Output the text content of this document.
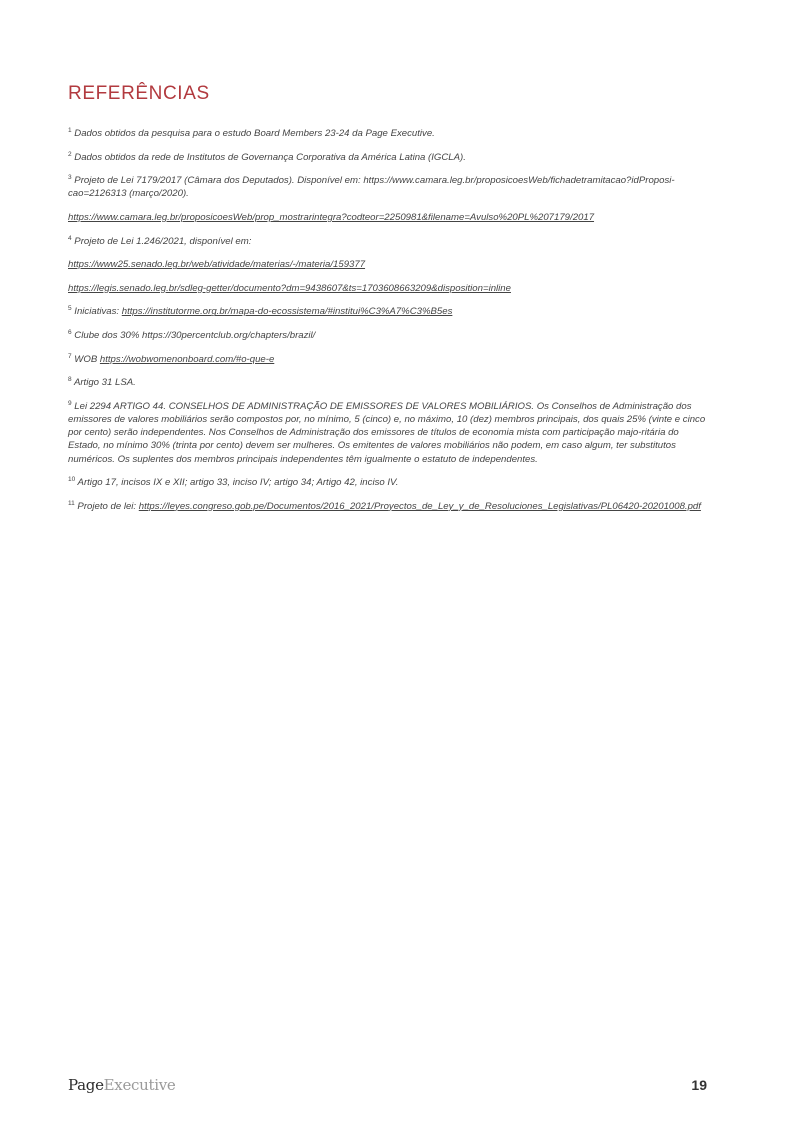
REFERÊNCIAS

$^1$ Dados obtidos da pesquisa para o estudo Board Members 23-24 da Page Executive.

$^2$ Dados obtidos da rede de Institutos de Governança Corporativa da América Latina (IGCLA).

$^3$ Projeto de Lei 7179/2017 (Câmara dos Deputados). Disponível em: https://www.camara.leg.br/proposicoesWeb/fichadetramitacao?idProposi-cao=2126313 (março/2020).

https://www.camara.leg.br/proposicoesWeb/prop_mostrarintegra?codteor=2250981&filename=Avulso%20PL%207179/2017

$^4$ Projeto de Lei 1.246/2021, disponível em:

https://www25.senado.leg.br/web/atividade/materias/-/materia/159377

https://legis.senado.leg.br/sdleg-getter/documento?dm=9438607&ts=1703608663209&disposition=inline

$^5$ Iniciativas: https://institutorme.org.br/mapa-do-ecossistema/#institui%C3%A7%C3%B5es

$^6$ Clube dos 30% https://30percentclub.org/chapters/brazil/

$^7$ WOB https://wobwomenonboard.com/#o-que-e

$^8$ Artigo 31 LSA.

$^9$ Lei 2294 ARTIGO 44. CONSELHOS DE ADMINISTRAÇÃO DE EMISSORES DE VALORES MOBILIÁRIOS. Os Conselhos de Administração dos emissores de valores mobiliários serão compostos por, no mínimo, 5 (cinco) e, no máximo, 10 (dez) membros principais, dos quais 25% (vinte e cinco por cento) serão independentes. Nos Conselhos de Administração dos emissores de títulos de economia mista com participação majo-ritária do Estado, no mínimo 30% (trinta por cento) devem ser mulheres. Os emitentes de valores mobiliários não podem, em caso algum, ter substitutos numéricos. Os suplentes dos membros principais independentes têm igualmente o estatuto de independentes.

$^{10}$ Artigo 17, incisos IX e XII; artigo 33, inciso IV; artigo 34; Artigo 42, inciso IV.

$^{11}$ Projeto de lei: https://leyes.congreso.gob.pe/Documentos/2016_2021/Proyectos_de_Ley_y_de_Resoluciones_Legislativas/PL06420-20201008.pdf

PageExecutive	19
